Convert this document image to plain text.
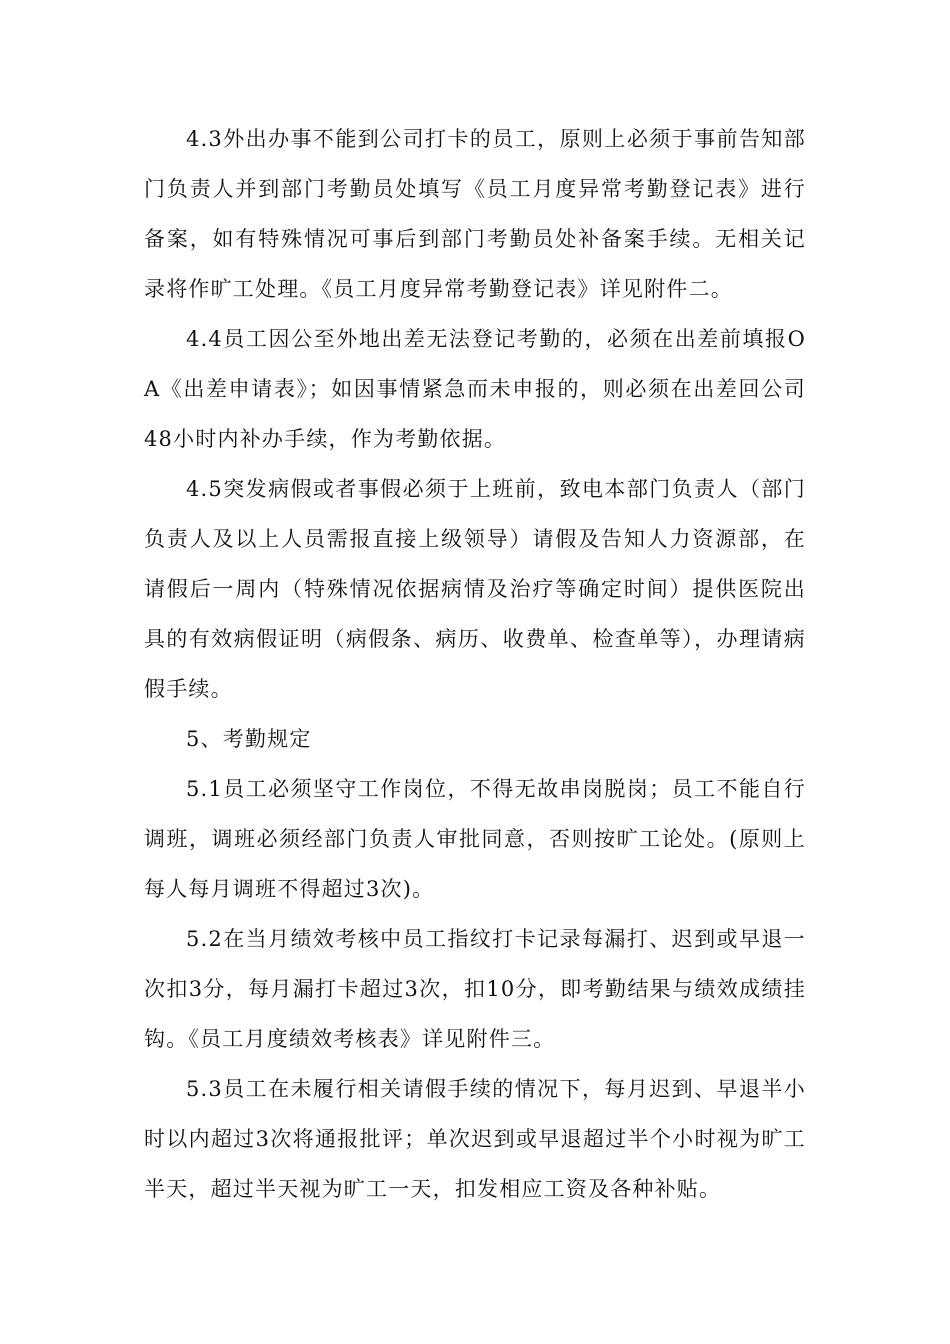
4.3外出办事不能到公司打卡的员工，原则上必须于事前告知部门负责人并到部门考勤员处填写《员工月度异常考勤登记表》进行备案，如有特殊情况可事后到部门考勤员处补备案手续。无相关记录将作旷工处理。《员工月度异常考勤登记表》详见附件二。

4.4员工因公至外地出差无法登记考勤的，必须在出差前填报OA《出差申请表》；如因事情紧急而未申报的，则必须在出差回公司48小时内补办手续，作为考勤依据。

4.5突发病假或者事假必须于上班前，致电本部门负责人（部门负责人及以上人员需报直接上级领导）请假及告知人力资源部，在请假后一周内（特殊情况依据病情及治疗等确定时间）提供医院出具的有效病假证明（病假条、病历、收费单、检查单等），办理请病假手续。

5、考勤规定

5.1员工必须坚守工作岗位，不得无故串岗脱岗；员工不能自行调班，调班必须经部门负责人审批同意，否则按旷工论处。(原则上每人每月调班不得超过3次)。

5.2在当月绩效考核中员工指纹打卡记录每漏打、迟到或早退一次扣3分，每月漏打卡超过3次，扣10分，即考勤结果与绩效成绩挂钩。《员工月度绩效考核表》详见附件三。

5.3员工在未履行相关请假手续的情况下，每月迟到、早退半小时以内超过3次将通报批评；单次迟到或早退超过半个小时视为旷工半天，超过半天视为旷工一天，扣发相应工资及各种补贴。
